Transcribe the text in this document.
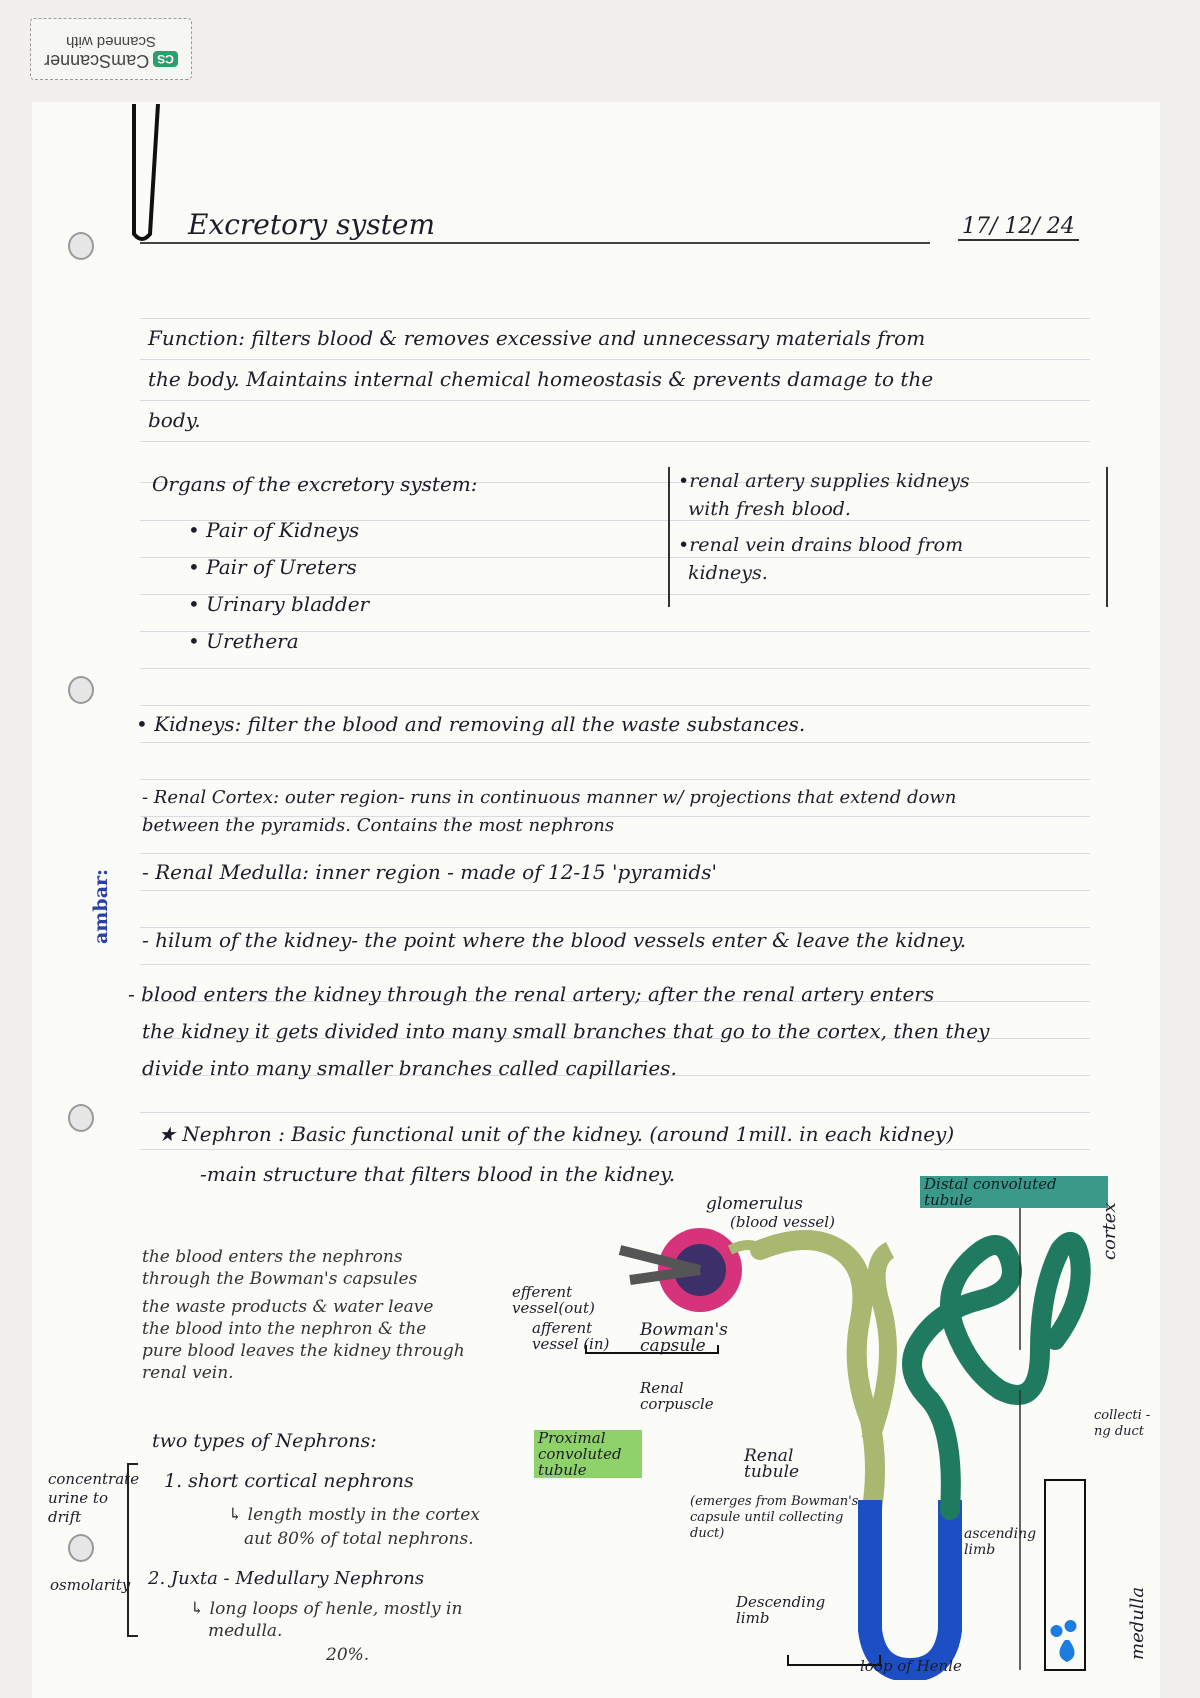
CSCamScanner
Scanned with
Excretory system	17/ 12/ 24
Function: filters blood & removes excessive and unnecessary materials from
the body. Maintains internal chemical homeostasis & prevents damage to the
body.
Organs of the excretory system:
• Pair of Kidneys
• Pair of Ureters
• Urinary bladder
• Urethera
•renal artery supplies kidneys
with fresh blood.
•renal vein drains blood from
kidneys.
• Kidneys: filter the blood and removing all the waste substances.
- Renal Cortex: outer region- runs in continuous manner w/ projections that extend down
between the pyramids. Contains the most nephrons
- Renal Medulla: inner region - made of 12-15 'pyramids'
ambar: - hilum of the kidney- the point where the blood vessels enter & leave the kidney.
- blood enters the kidney through the renal artery; after the renal artery enters
the kidney it gets divided into many small branches that go to the cortex, then they
divide into many smaller branches called capillaries.
★ Nephron : Basic functional unit of the kidney. (around 1mill. in each kidney)
-main structure that filters blood in the kidney.
the blood enters the nephrons
through the Bowman's capsules
the waste products & water leave
the blood into the nephron & the
pure blood leaves the kidney through
renal vein.
two types of Nephrons:
1. short cortical nephrons
↳ length mostly in the cortex
aut 80% of total nephrons.
2. Juxta - Medullary Nephrons
↳ long loops of henle, mostly in
medulla.
20%.
concentrate urine to drift
osmolarity
glomerulus
(blood vessel)
Distal convoluted tubule
cortex
efferent vessel(out)
afferent vessel (in)
Bowman's capsule
Renal corpuscle
Proximal convoluted tubule
Renal tubule
(emerges from Bowman's capsule until collecting duct)
collecti -ng duct
ascending limb
Descending limb
loop of Henle
medulla
